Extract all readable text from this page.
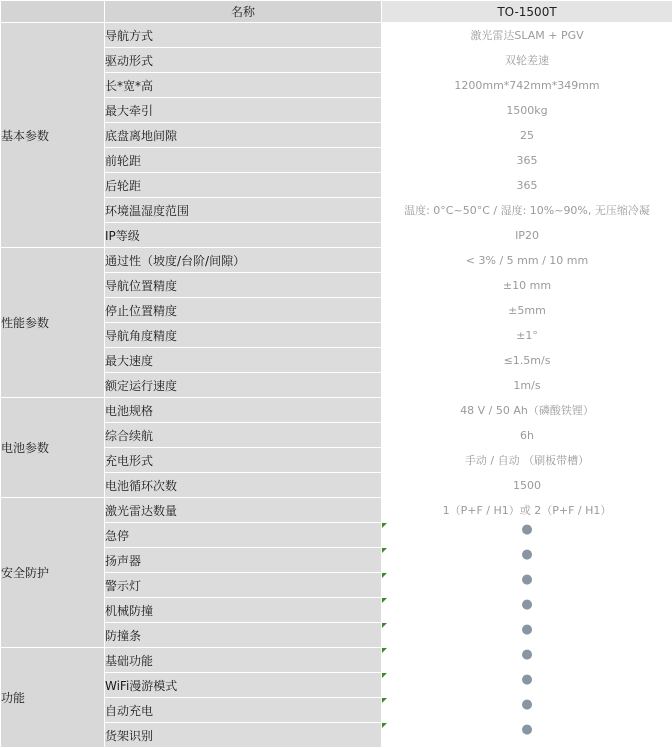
	名称	TO-1500T
基本参数	导航方式	激光雷达SLAM + PGV
	驱动形式	双轮差速
	长*宽*高	1200mm*742mm*349mm
	最大牵引	1500kg
	底盘离地间隙	25
	前轮距	365
	后轮距	365
	环境温湿度范围	温度: 0°C~50°C / 湿度: 10%~90%, 无压缩冷凝
	IP等级	IP20
性能参数	通过性（坡度/台阶/间隙）	< 3% / 5 mm / 10 mm
	导航位置精度	±10 mm
	停止位置精度	±5mm
	导航角度精度	±1°
	最大速度	≤1.5m/s
	额定运行速度	1m/s
电池参数	电池规格	48 V / 50 Ah（磷酸铁锂）
	综合续航	6h
	充电形式	手动 / 自动 （刷板带槽）
	电池循环次数	1500
安全防护	激光雷达数量	1（P+F / H1）或 2（P+F / H1）
	急停	●
	扬声器	●
	警示灯	●
	机械防撞	●
	防撞条	●
功能	基础功能	●
	WiFi漫游模式	●
	自动充电	●
	货架识别	●
